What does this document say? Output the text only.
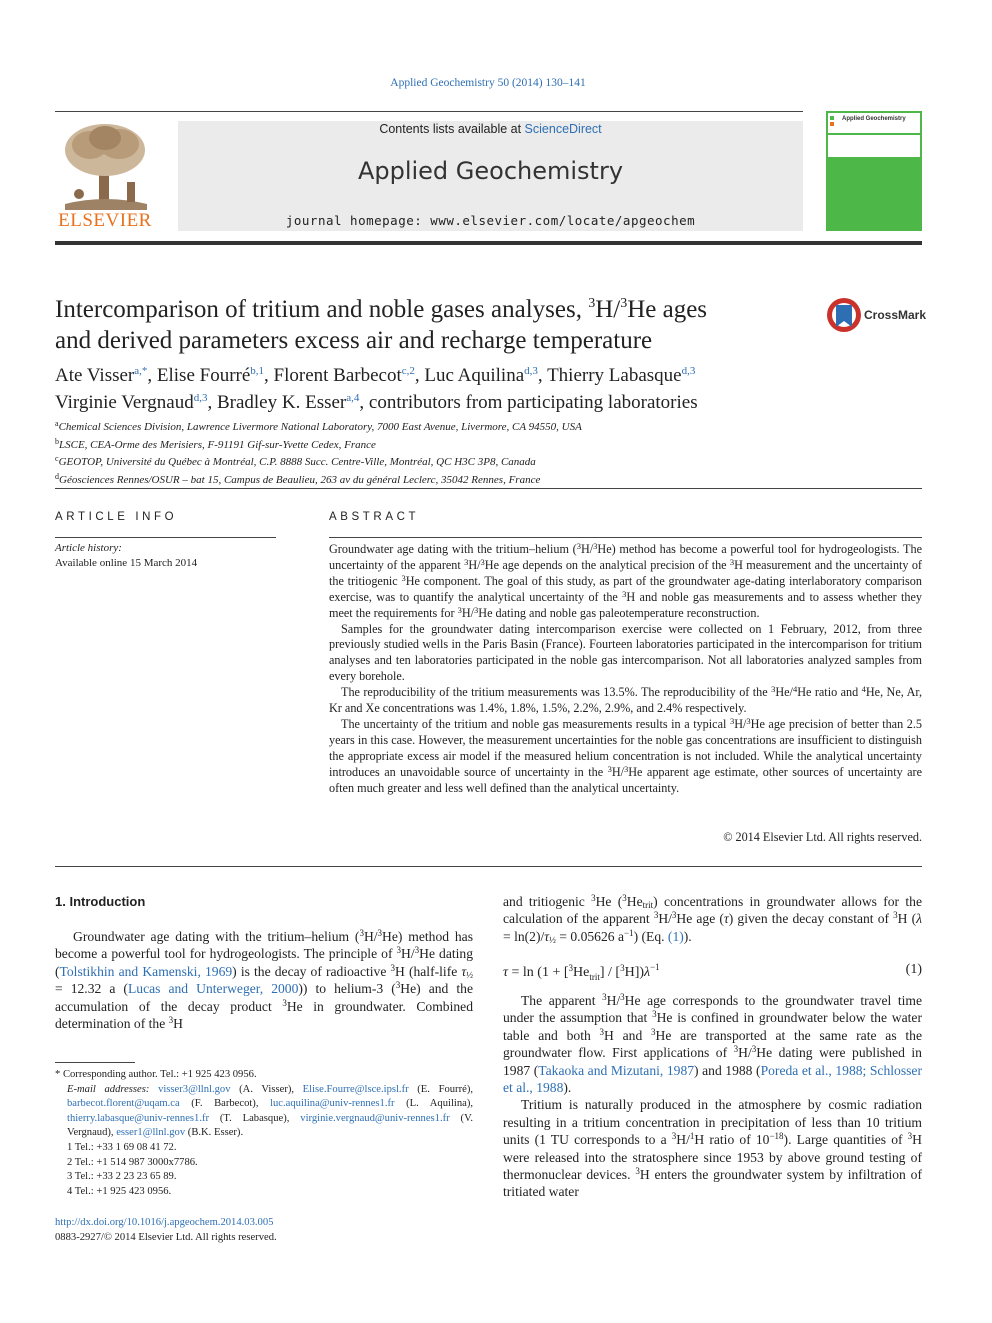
Applied Geochemistry 50 (2014) 130–141
ELSEVIER
Contents lists available at ScienceDirect
Applied Geochemistry
journal homepage: www.elsevier.com/locate/apgeochem
Applied Geochemistry
Intercomparison of tritium and noble gases analyses, $^3$H/$^3$He ages
and derived parameters excess air and recharge temperature
CrossMark
Ate Visser$^{a,*}$, Elise Fourré$^{b,1}$, Florent Barbecot$^{c,2}$, Luc Aquilina$^{d,3}$, Thierry Labasque$^{d,3}$
Virginie Vergnaud$^{d,3}$, Bradley K. Esser$^{a,4}$, contributors from participating laboratories
$^a$Chemical Sciences Division, Lawrence Livermore National Laboratory, 7000 East Avenue, Livermore, CA 94550, USA
$^b$LSCE, CEA-Orme des Merisiers, F-91191 Gif-sur-Yvette Cedex, France
$^c$GEOTOP, Université du Québec à Montréal, C.P. 8888 Succ. Centre-Ville, Montréal, QC H3C 3P8, Canada
$^d$Géosciences Rennes/OSUR – bat 15, Campus de Beaulieu, 263 av du général Leclerc, 35042 Rennes, France
ARTICLE INFO	ABSTRACT
Article history:
Available online 15 March 2014

Groundwater age dating with the tritium–helium ($^3$H/$^3$He) method has become a powerful tool for hydrogeologists. The uncertainty of the apparent $^3$H/$^3$He age depends on the analytical precision of the $^3$H measurement and the uncertainty of the tritiogenic $^3$He component. The goal of this study, as part of the groundwater age-dating interlaboratory comparison exercise, was to quantify the analytical uncertainty of the $^3$H and noble gas measurements and to assess whether they meet the requirements for $^3$H/$^3$He dating and noble gas paleotemperature reconstruction.

Samples for the groundwater dating intercomparison exercise were collected on 1 February, 2012, from three previously studied wells in the Paris Basin (France). Fourteen laboratories participated in the intercomparison for tritium analyses and ten laboratories participated in the noble gas intercomparison. Not all laboratories analyzed samples from every borehole.

The reproducibility of the tritium measurements was 13.5%. The reproducibility of the $^3$He/$^4$He ratio and $^4$He, Ne, Ar, Kr and Xe concentrations was 1.4%, 1.8%, 1.5%, 2.2%, 2.9%, and 2.4% respectively.

The uncertainty of the tritium and noble gas measurements results in a typical $^3$H/$^3$He age precision of better than 2.5 years in this case. However, the measurement uncertainties for the noble gas concentrations are insufficient to distinguish the appropriate excess air model if the measured helium concentration is not included. While the analytical uncertainty introduces an unavoidable source of uncertainty in the $^3$H/$^3$He apparent age estimate, other sources of uncertainty are often much greater and less well defined than the analytical uncertainty.

© 2014 Elsevier Ltd. All rights reserved.
1. Introduction

Groundwater age dating with the tritium–helium ($^3$H/$^3$He) method has become a powerful tool for hydrogeologists. The principle of $^3$H/$^3$He dating (Tolstikhin and Kamenski, 1969) is the decay of radioactive $^3$H (half-life $\tau_{\frac{1}{2}} = 12.32$ a (Lucas and Unterweger, 2000)) to helium-3 ($^3$He) and the accumulation of the decay product $^3$He in groundwater. Combined determination of the $^3$H

and tritiogenic $^3$He $(^3He_{trit})$ concentrations in groundwater allows for the calculation of the apparent $^3$H/$^3$He age (τ) given the decay constant of $^3$H ($\lambda = \ln(2)/\tau_{\frac{1}{2}} = 0.05626$ $a^{-1}$) (Eq. (1)).

$\tau = \ln (1 + [^3He_{trit}] / [^3H])\lambda^{-1}$	(1)

The apparent $^3$H/$^3$He age corresponds to the groundwater travel time under the assumption that $^3$He is confined in groundwater below the water table and both $^3$H and $^3$He are transported at the same rate as the groundwater flow. First applications of $^3$H/$^3$He dating were published in 1987 (Takaoka and Mizutani, 1987) and 1988 (Poreda et al., 1988; Schlosser et al., 1988).

Tritium is naturally produced in the atmosphere by cosmic radiation resulting in a tritium concentration in precipitation of less than 10 tritium units (1 TU corresponds to a $^3$H/$^1$H ratio of $10^{-18}$). Large quantities of $^3$H were released into the stratosphere since 1953 by above ground testing of thermonuclear devices. $^3$H enters the groundwater system by infiltration of tritiated water

* Corresponding author. Tel.: +1 925 423 0956.
E-mail addresses: visser3@llnl.gov (A. Visser), Elise.Fourre@lsce.ipsl.fr (E. Fourré), barbecot.florent@uqam.ca (F. Barbecot), luc.aquilina@univ-rennes1.fr (L. Aquilina), thierry.labasque@univ-rennes1.fr (T. Labasque), virginie.vergnaud@univ-rennes1.fr (V. Vergnaud), esser1@llnl.gov (B.K. Esser).
1 Tel.: +33 1 69 08 41 72.
2 Tel.: +1 514 987 3000x7786.
3 Tel.: +33 2 23 23 65 89.
4 Tel.: +1 925 423 0956.
http://dx.doi.org/10.1016/j.apgeochem.2014.03.005
0883-2927/© 2014 Elsevier Ltd. All rights reserved.
